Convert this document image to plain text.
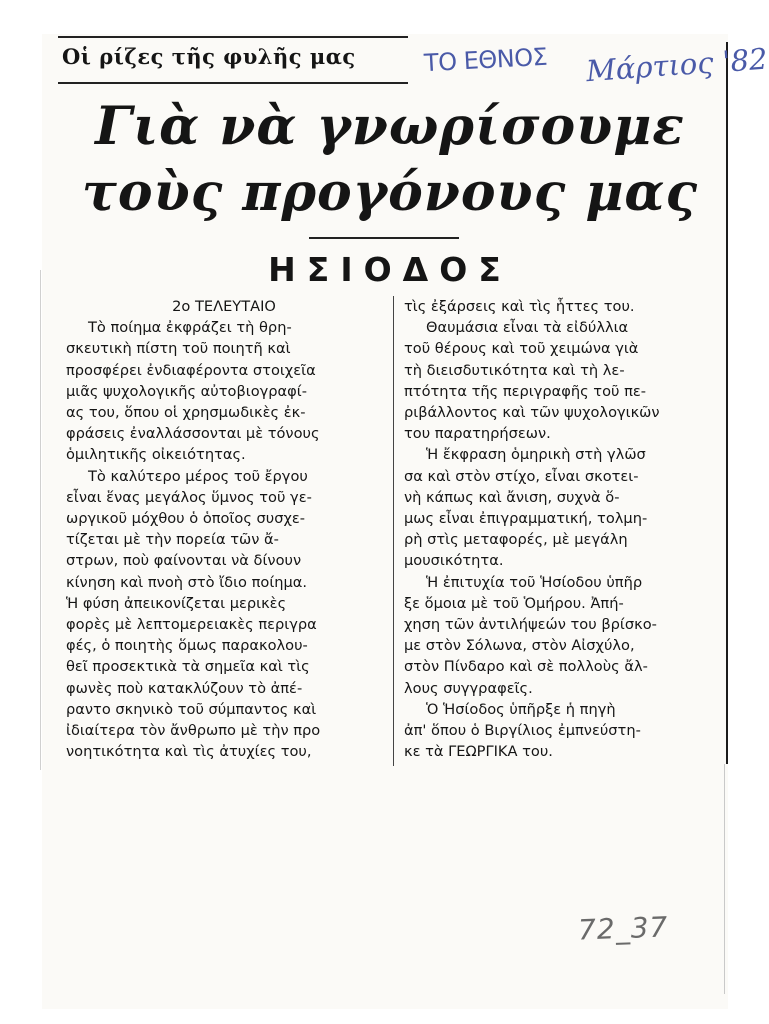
Οἱ ρίζες τῆς φυλῆς μας	ΤΟ ΕΘΝΟΣ Μάρτιος '82
Γιὰ νὰ γνωρίσουμε
τοὺς προγόνους μας
ΗΣΙΟΔΟΣ
2ο ΤΕΛΕΥΤΑΙΟ
Τὸ ποίημα ἐκφράζει τὴ θρη-
σκευτικὴ πίστη τοῦ ποιητῆ καὶ
προσφέρει ἐνδιαφέροντα στοιχεῖα
μιᾶς ψυχολογικῆς αὐτοβιογραφί-
ας του, ὅπου οἱ χρησμωδικὲς ἐκ-
φράσεις ἐναλλάσσονται μὲ τόνους
ὁμιλητικῆς οἰκειότητας.
Τὸ καλύτερο μέρος τοῦ ἔργου
εἶναι ἕνας μεγάλος ὕμνος τοῦ γε-
ωργικοῦ μόχθου ὁ ὁποῖος συσχε-
τίζεται μὲ τὴν πορεία τῶν ἄ-
στρων, ποὺ φαίνονται νὰ δίνουν
κίνηση καὶ πνοὴ στὸ ἴδιο ποίημα.
Ἡ φύση ἀπεικονίζεται μερικὲς
φορὲς μὲ λεπτομερειακὲς περιγρα
φές, ὁ ποιητὴς ὅμως παρακολου-
θεῖ προσεκτικὰ τὰ σημεῖα καὶ τὶς
φωνὲς ποὺ κατακλύζουν τὸ ἀπέ-
ραντο σκηνικὸ τοῦ σύμπαντος καὶ
ἰδιαίτερα τὸν ἄνθρωπο μὲ τὴν προ
νοητικότητα καὶ τὶς ἀτυχίες του,
τὶς ἐξάρσεις καὶ τὶς ἧττες του.
Θαυμάσια εἶναι τὰ εἰδύλλια
τοῦ θέρους καὶ τοῦ χειμώνα γιὰ
τὴ διεισδυτικότητα καὶ τὴ λε-
πτότητα τῆς περιγραφῆς τοῦ πε-
ριβάλλοντος καὶ τῶν ψυχολογικῶν
του παρατηρήσεων.
Ἡ ἔκφραση ὁμηρικὴ στὴ γλῶσ
σα καὶ στὸν στίχο, εἶναι σκοτει-
νὴ κάπως καὶ ἄνιση, συχνὰ ὅ-
μως εἶναι ἐπιγραμματική, τολμη-
ρὴ στὶς μεταφορές, μὲ μεγάλη
μουσικότητα.
Ἡ ἐπιτυχία τοῦ Ἡσίοδου ὑπῆρ
ξε ὅμοια μὲ τοῦ Ὁμήρου. Ἀπή-
χηση τῶν ἀντιλήψεών του βρίσκο-
με στὸν Σόλωνα, στὸν Αἰσχύλο,
στὸν Πίνδαρο καὶ σὲ πολλοὺς ἄλ-
λους συγγραφεῖς.
Ὁ Ἡσίοδος ὑπῆρξε ἡ πηγὴ
ἀπ' ὅπου ὁ Βιργίλιος ἐμπνεύστη-
κε τὰ ΓΕΩΡΓΙΚΑ του.
72_37
